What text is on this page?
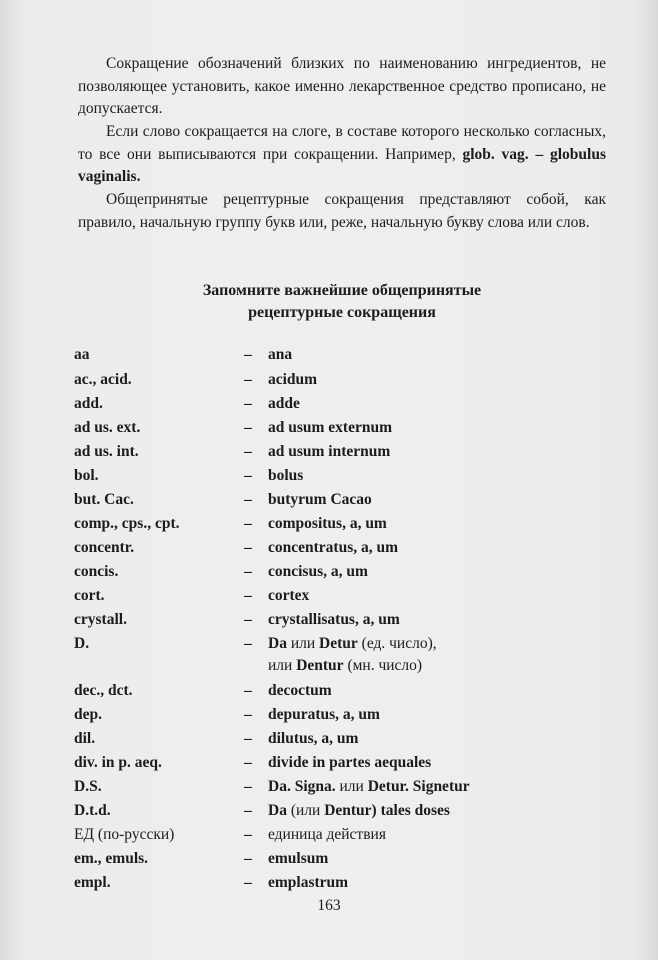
Сокращение обозначений близких по наименованию ингредиентов, не позволяющее установить, какое именно лекарственное средство прописано, не допускается.

Если слово сокращается на слоге, в составе которого несколько согласных, то все они выписываются при сокращении. Например, glob. vag. – globulus vaginalis.

Общепринятые рецептурные сокращения представляют собой, как правило, начальную группу букв или, реже, начальную букву слова или слов.

Запомните важнейшие общепринятые
рецептурные сокращения
aa	– ana
ac., acid.	– acidum
add.	– adde
ad us. ext.	– ad usum externum
ad us. int.	– ad usum internum
bol.	– bolus
but. Cac.	– butyrum Cacao
comp., cps., cpt.	– compositus, a, um
concentr.	– concentratus, a, um
concis.	– concisus, a, um
cort.	– cortex
crystall.	– crystallisatus, a, um
D.	– Da или Detur (ед. число),
или Dentur (мн. число)
dec., dct.	– decoctum
dep.	– depuratus, a, um
dil.	– dilutus, a, um
div. in p. aeq.	– divide in partes aequales
D.S.	– Da. Signa. или Detur. Signetur
D.t.d.	– Da (или Dentur) tales doses
ЕД (по-русски)	– единица действия
em., emuls.	– emulsum
empl.	– emplastrum
163
